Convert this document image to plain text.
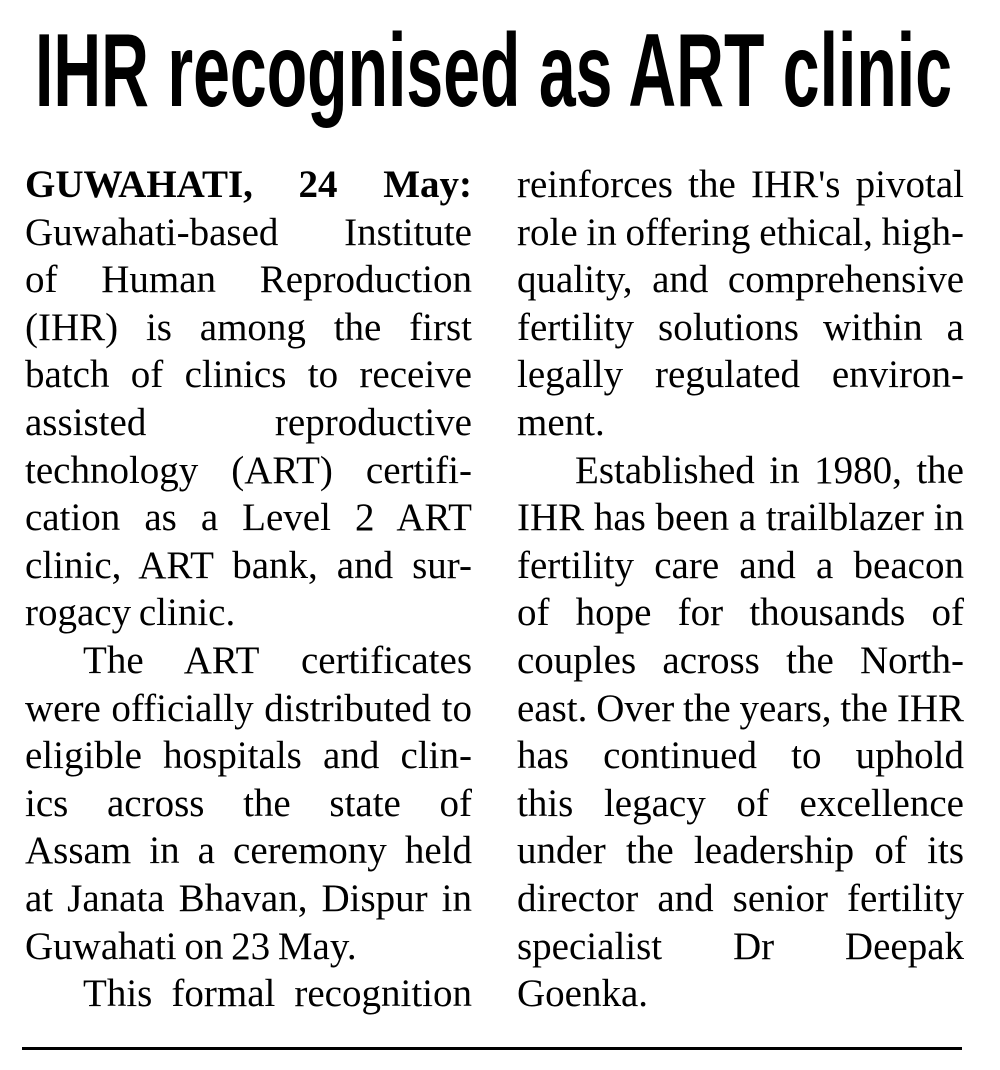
IHR recognised as ART clinic
GUWAHATI, 24 May:
Guwahati-based Institute
of Human Reproduction
(IHR) is among the first
batch of clinics to receive
assisted reproductive
technology (ART) certifi-
cation as a Level 2 ART
clinic, ART bank, and sur-
rogacy clinic.
The ART certificates
were officially distributed to
eligible hospitals and clin-
ics across the state of
Assam in a ceremony held
at Janata Bhavan, Dispur in
Guwahati on 23 May.
This formal recognition
reinforces the IHR's pivotal
role in offering ethical, high-
quality, and comprehensive
fertility solutions within a
legally regulated environ-
ment.
Established in 1980, the
IHR has been a trailblazer in
fertility care and a beacon
of hope for thousands of
couples across the North-
east. Over the years, the IHR
has continued to uphold
this legacy of excellence
under the leadership of its
director and senior fertility
specialist Dr Deepak
Goenka.
